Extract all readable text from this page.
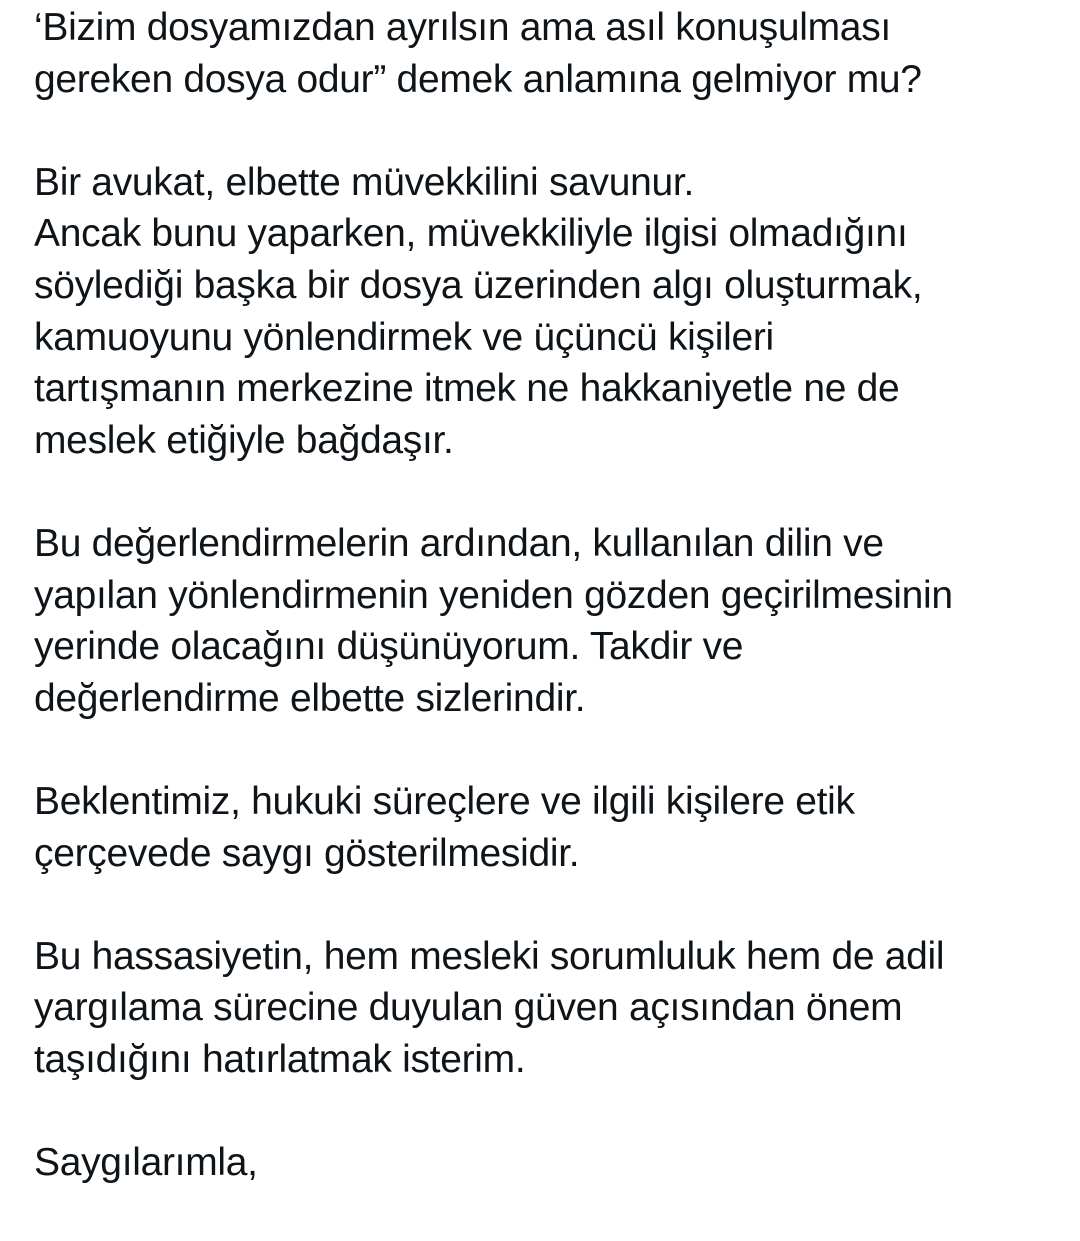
‘Bizim dosyamızdan ayrılsın ama asıl konuşulması
gereken dosya odur” demek anlamına gelmiyor mu?

Bir avukat, elbette müvekkilini savunur.
Ancak bunu yaparken, müvekkiliyle ilgisi olmadığını
söylediği başka bir dosya üzerinden algı oluşturmak,
kamuoyunu yönlendirmek ve üçüncü kişileri
tartışmanın merkezine itmek ne hakkaniyetle ne de
meslek etiğiyle bağdaşır.

Bu değerlendirmelerin ardından, kullanılan dilin ve
yapılan yönlendirmenin yeniden gözden geçirilmesinin
yerinde olacağını düşünüyorum. Takdir ve
değerlendirme elbette sizlerindir.

Beklentimiz, hukuki süreçlere ve ilgili kişilere etik
çerçevede saygı gösterilmesidir.

Bu hassasiyetin, hem mesleki sorumluluk hem de adil
yargılama sürecine duyulan güven açısından önem
taşıdığını hatırlatmak isterim.

Saygılarımla,
